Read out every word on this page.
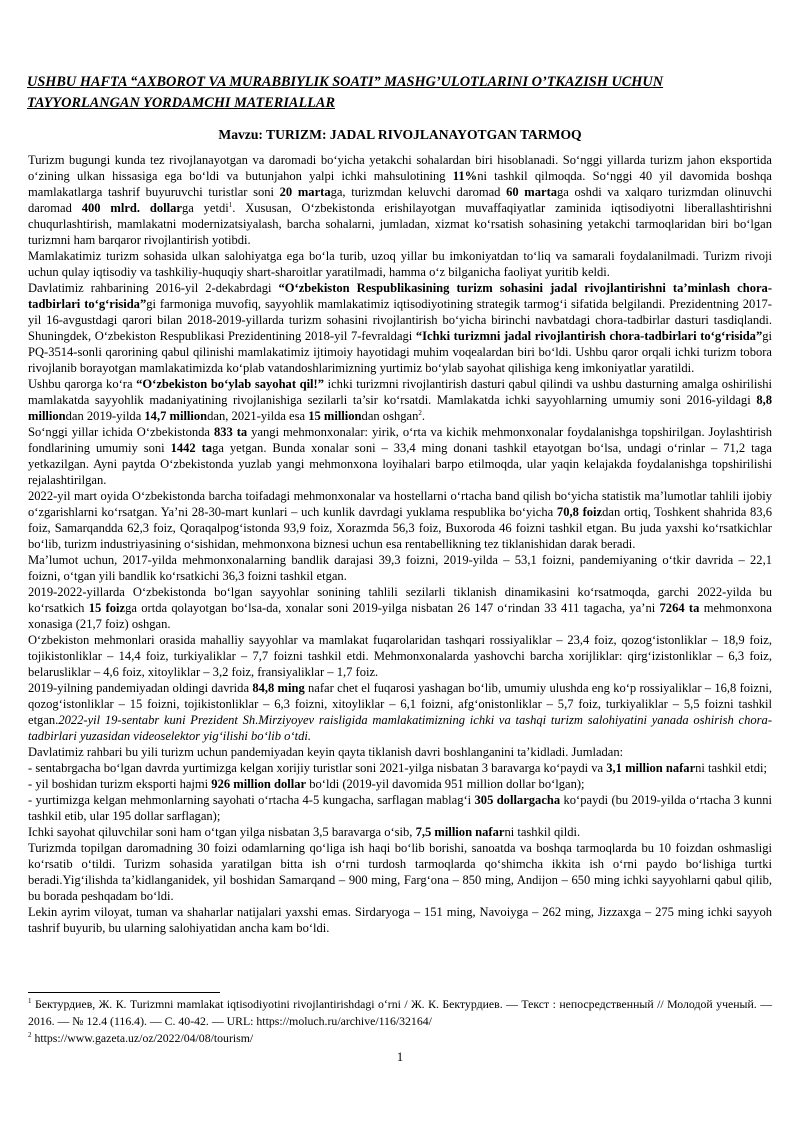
USHBU HAFTA “AXBOROT VA MURABBIYLIK SOATI” MASHG’ULOTLARINI O’TKAZISH UCHUN TAYYORLANGAN YORDAMCHI MATERIALLAR
Mavzu: TURIZM: JADAL RIVOJLANAYOTGAN TARMOQ

Turizm bugungi kunda tez rivojlanayotgan va daromadi bo‘yicha yetakchi sohalardan biri hisoblanadi. So‘nggi yillarda turizm jahon eksportida o‘zining ulkan hissasiga ega bo‘ldi va butunjahon yalpi ichki mahsulotining 11%ni tashkil qilmoqda. So‘nggi 40 yil davomida boshqa mamlakatlarga tashrif buyuruvchi turistlar soni 20 martaga, turizmdan keluvchi daromad 60 martaga oshdi va xalqaro turizmdan olinuvchi daromad 400 mlrd. dollarga yetdi$^1$. Xususan, O‘zbekistonda erishilayotgan muvaffaqiyatlar zaminida iqtisodiyotni liberallashtirishni chuqurlashtirish, mamlakatni modernizatsiyalash, barcha sohalarni, jumladan, xizmat ko‘rsatish sohasining yetakchi tarmoqlaridan biri bo‘lgan turizmni ham barqaror rivojlantirish yotibdi.

Mamlakatimiz turizm sohasida ulkan salohiyatga ega bo‘la turib, uzoq yillar bu imkoniyatdan to‘liq va samarali foydalanilmadi. Turizm rivoji uchun qulay iqtisodiy va tashkiliy-huquqiy shart-sharoitlar yaratilmadi, hamma o‘z bilganicha faoliyat yuritib keldi.

Davlatimiz rahbarining 2016-yil 2-dekabrdagi “O‘zbekiston Respublikasining turizm sohasini jadal rivojlantirishni ta’minlash chora-tadbirlari to‘g‘risida”gi farmoniga muvofiq, sayyohlik mamlakatimiz iqtisodiyotining strategik tarmog‘i sifatida belgilandi. Prezidentning 2017-yil 16-avgustdagi qarori bilan 2018-2019-yillarda turizm sohasini rivojlantirish bo‘yicha birinchi navbatdagi chora-tadbirlar dasturi tasdiqlandi. Shuningdek, O‘zbekiston Respublikasi Prezidentining 2018-yil 7-fevraldagi “Ichki turizmni jadal rivojlantirish chora-tadbirlari to‘g‘risida”gi PQ-3514-sonli qarorining qabul qilinishi mamlakatimiz ijtimoiy hayotidagi muhim voqealardan biri bo‘ldi. Ushbu qaror orqali ichki turizm tobora rivojlanib borayotgan mamlakatimizda ko‘plab vatandoshlarimizning yurtimiz bo‘ylab sayohat qilishiga keng imkoniyatlar yaratildi.

Ushbu qarorga ko‘ra “O‘zbekiston bo‘ylab sayohat qil!” ichki turizmni rivojlantirish dasturi qabul qilindi va ushbu dasturning amalga oshirilishi mamlakatda sayyohlik madaniyatining rivojlanishiga sezilarli ta’sir ko‘rsatdi. Mamlakatda ichki sayyohlarning umumiy soni 2016-yildagi 8,8 milliondan 2019-yilda 14,7 milliondan, 2021-yilda esa 15 milliondan oshgan$^2$.

So‘nggi yillar ichida O‘zbekistonda 833 ta yangi mehmonxonalar: yirik, o‘rta va kichik mehmonxonalar foydalanishga topshirilgan. Joylashtirish fondlarining umumiy soni 1442 taga yetgan. Bunda xonalar soni – 33,4 ming donani tashkil etayotgan bo‘lsa, undagi o‘rinlar – 71,2 taga yetkazilgan. Ayni paytda O‘zbekistonda yuzlab yangi mehmonxona loyihalari barpo etilmoqda, ular yaqin kelajakda foydalanishga topshirilishi rejalashtirilgan.

2022-yil mart oyida O‘zbekistonda barcha toifadagi mehmonxonalar va hostellarni o‘rtacha band qilish bo‘yicha statistik ma’lumotlar tahlili ijobiy o‘zgarishlarni ko‘rsatgan. Ya’ni 28-30-mart kunlari – uch kunlik davrdagi yuklama respublika bo‘yicha 70,8 foizdan ortiq, Toshkent shahrida 83,6 foiz, Samarqandda 62,3 foiz, Qoraqalpog‘istonda 93,9 foiz, Xorazmda 56,3 foiz, Buxoroda 46 foizni tashkil etgan. Bu juda yaxshi ko‘rsatkichlar bo‘lib, turizm industriyasining o‘sishidan, mehmonxona biznesi uchun esa rentabellikning tez tiklanishidan darak beradi.

Ma’lumot uchun, 2017-yilda mehmonxonalarning bandlik darajasi 39,3 foizni, 2019-yilda – 53,1 foizni, pandemiyaning o‘tkir davrida – 22,1 foizni, o‘tgan yili bandlik ko‘rsatkichi 36,3 foizni tashkil etgan.

2019-2022-yillarda O‘zbekistonda bo‘lgan sayyohlar sonining tahlili sezilarli tiklanish dinamikasini ko‘rsatmoqda, garchi 2022-yilda bu ko‘rsatkich 15 foizga ortda qolayotgan bo‘lsa-da, xonalar soni 2019-yilga nisbatan 26 147 o‘rindan 33 411 tagacha, ya’ni 7264 ta mehmonxona xonasiga (21,7 foiz) oshgan.

O‘zbekiston mehmonlari orasida mahalliy sayyohlar va mamlakat fuqarolaridan tashqari rossiyaliklar – 23,4 foiz, qozog‘istonliklar – 18,9 foiz, tojikistonliklar – 14,4 foiz, turkiyaliklar – 7,7 foizni tashkil etdi. Mehmonxonalarda yashovchi barcha xorijliklar: qirg‘izistonliklar – 6,3 foiz, belarusliklar – 4,6 foiz, xitoyliklar – 3,2 foiz, fransiyaliklar – 1,7 foiz.

2019-yilning pandemiyadan oldingi davrida 84,8 ming nafar chet el fuqarosi yashagan bo‘lib, umumiy ulushda eng ko‘p rossiyaliklar – 16,8 foizni, qozog‘istonliklar – 15 foizni, tojikistonliklar – 6,3 foizni, xitoyliklar – 6,1 foizni, afg‘onistonliklar – 5,7 foiz, turkiyaliklar – 5,5 foizni tashkil etgan.2022-yil 19-sentabr kuni Prezident Sh.Mirziyoyev raisligida mamlakatimizning ichki va tashqi turizm salohiyatini yanada oshirish chora-tadbirlari yuzasidan videoselektor yig‘ilishi bo‘lib o‘tdi.

Davlatimiz rahbari bu yili turizm uchun pandemiyadan keyin qayta tiklanish davri boshlanganini ta’kidladi. Jumladan:

- sentabrgacha bo‘lgan davrda yurtimizga kelgan xorijiy turistlar soni 2021-yilga nisbatan 3 baravarga ko‘paydi va 3,1 million nafarni tashkil etdi;

- yil boshidan turizm eksporti hajmi 926 million dollar bo‘ldi (2019-yil davomida 951 million dollar bo‘lgan);

- yurtimizga kelgan mehmonlarning sayohati o‘rtacha 4-5 kungacha, sarflagan mablag‘i 305 dollargacha ko‘paydi (bu 2019-yilda o‘rtacha 3 kunni tashkil etib, ular 195 dollar sarflagan);

Ichki sayohat qiluvchilar soni ham o‘tgan yilga nisbatan 3,5 baravarga o‘sib, 7,5 million nafarni tashkil qildi.

Turizmda topilgan daromadning 30 foizi odamlarning qo‘liga ish haqi bo‘lib borishi, sanoatda va boshqa tarmoqlarda bu 10 foizdan oshmasligi ko‘rsatib o‘tildi. Turizm sohasida yaratilgan bitta ish o‘rni turdosh tarmoqlarda qo‘shimcha ikkita ish o‘rni paydo bo‘lishiga turtki beradi.Yig‘ilishda ta’kidlanganidek, yil boshidan Samarqand – 900 ming, Farg‘ona – 850 ming, Andijon – 650 ming ichki sayyohlarni qabul qilib, bu borada peshqadam bo‘ldi.

Lekin ayrim viloyat, tuman va shaharlar natijalari yaxshi emas. Sirdaryoga – 151 ming, Navoiyga – 262 ming, Jizzaxga – 275 ming ichki sayyoh tashrif buyurib, bu ularning salohiyatidan ancha kam bo‘ldi.

$^1$ Бектурдиев, Ж. К. Turizmni mamlakat iqtisodiyotini rivojlantirishdagi o‘rni / Ж. К. Бектурдиев. — Текст : непосредственный // Молодой ученый. — 2016. — № 12.4 (116.4). — С. 40-42. — URL: https://moluch.ru/archive/116/32164/

$^2$ https://www.gazeta.uz/oz/2022/04/08/tourism/

1
